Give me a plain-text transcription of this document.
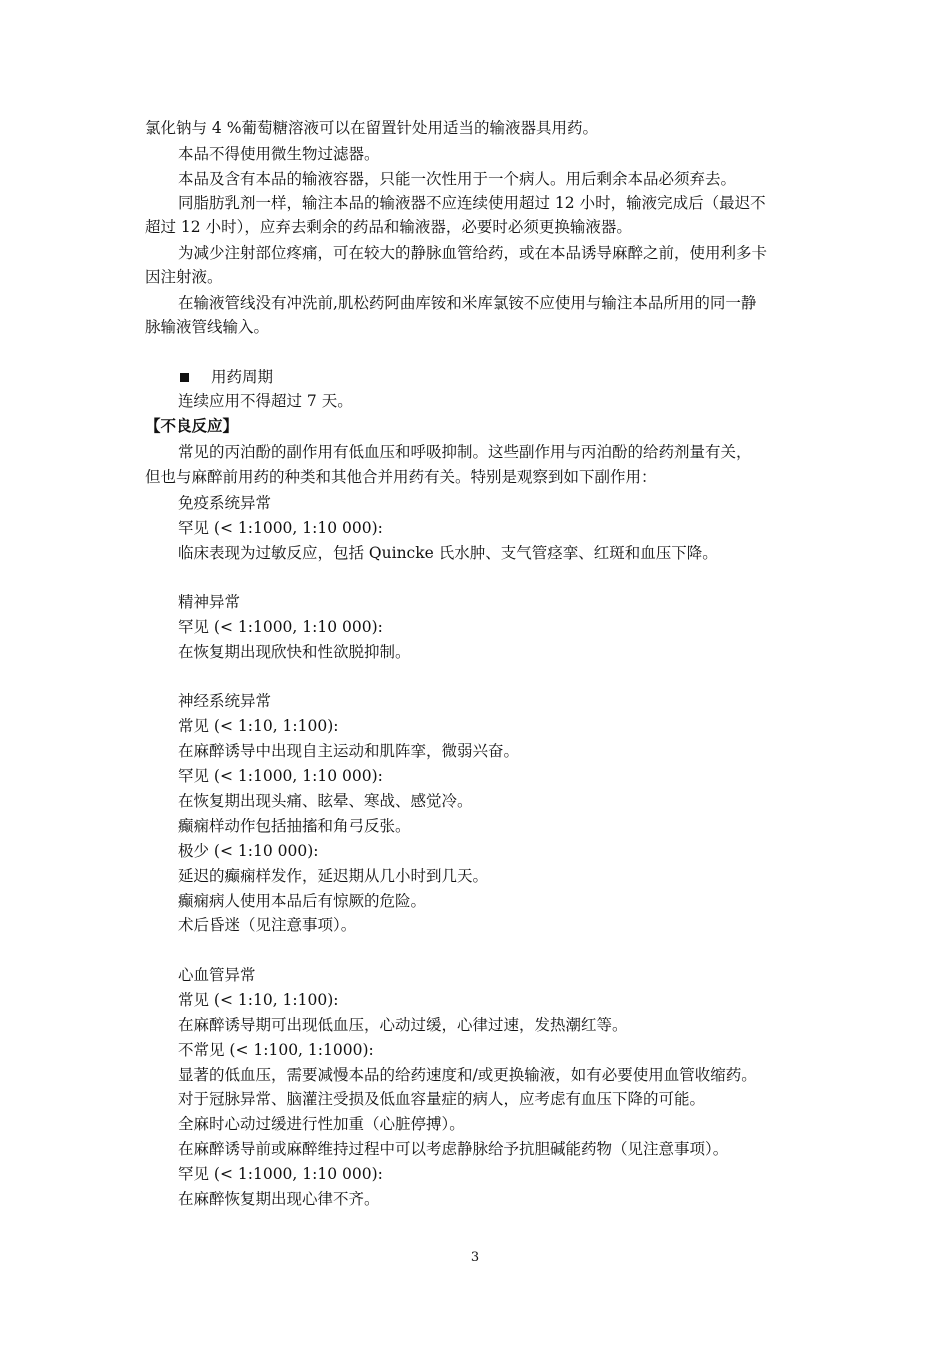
氯化钠与 4 %葡萄糖溶液可以在留置针处用适当的输液器具用药。
本品不得使用微生物过滤器。
本品及含有本品的输液容器，只能一次性用于一个病人。用后剩余本品必须弃去。
同脂肪乳剂一样，输注本品的输液器不应连续使用超过 12 小时，输液完成后（最迟不
超过 12 小时），应弃去剩余的药品和输液器，必要时必须更换输液器。
为减少注射部位疼痛，可在较大的静脉血管给药，或在本品诱导麻醉之前，使用利多卡
因注射液。
在输液管线没有冲洗前,肌松药阿曲库铵和米库氯铵不应使用与输注本品所用的同一静
脉输液管线输入。
用药周期
连续应用不得超过 7 天。
【不良反应】
常见的丙泊酚的副作用有低血压和呼吸抑制。这些副作用与丙泊酚的给药剂量有关，
但也与麻醉前用药的种类和其他合并用药有关。特别是观察到如下副作用：
免疫系统异常
罕见 (< 1:1000, 1:10 000):
临床表现为过敏反应，包括 Quincke 氏水肿、支气管痉挛、红斑和血压下降。
精神异常
罕见 (< 1:1000, 1:10 000):
在恢复期出现欣快和性欲脱抑制。
神经系统异常
常见 (< 1:10, 1:100):
在麻醉诱导中出现自主运动和肌阵挛，微弱兴奋。
罕见 (< 1:1000, 1:10 000):
在恢复期出现头痛、眩晕、寒战、感觉冷。
癫痫样动作包括抽搐和角弓反张。
极少 (< 1:10 000):
延迟的癫痫样发作，延迟期从几小时到几天。
癫痫病人使用本品后有惊厥的危险。
术后昏迷（见注意事项）。
心血管异常
常见 (< 1:10, 1:100):
在麻醉诱导期可出现低血压，心动过缓，心律过速，发热潮红等。
不常见 (< 1:100, 1:1000):
显著的低血压，需要减慢本品的给药速度和/或更换输液，如有必要使用血管收缩药。
对于冠脉异常、脑灌注受损及低血容量症的病人，应考虑有血压下降的可能。
全麻时心动过缓进行性加重（心脏停搏）。
在麻醉诱导前或麻醉维持过程中可以考虑静脉给予抗胆碱能药物（见注意事项）。
罕见 (< 1:1000, 1:10 000):
在麻醉恢复期出现心律不齐。
3
